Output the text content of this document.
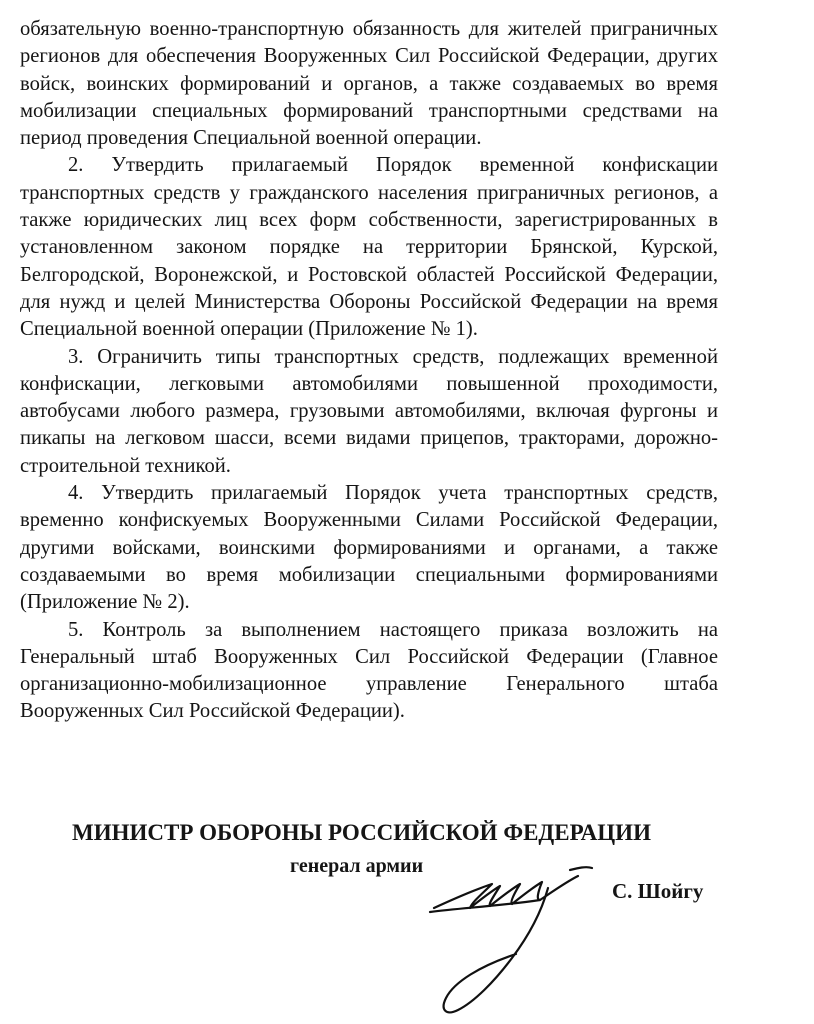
обязательную военно-транспортную обязанность для жителей приграничных регионов для обеспечения Вооруженных Сил Российской Федерации, других войск, воинских формирований и органов, а также создаваемых во время мобилизации специальных формирований транспортными средствами на период проведения Специальной военной операции.

2. Утвердить прилагаемый Порядок временной конфискации транспортных средств у гражданского населения приграничных регионов, а также юридических лиц всех форм собственности, зарегистрированных в установленном законом порядке на территории Брянской, Курской, Белгородской, Воронежской, и Ростовской областей Российской Федерации, для нужд и целей Министерства Обороны Российской Федерации на время Специальной военной операции (Приложение № 1).

3. Ограничить типы транспортных средств, подлежащих временной конфискации, легковыми автомобилями повышенной проходимости, автобусами любого размера, грузовыми автомобилями, включая фургоны и пикапы на легковом шасси, всеми видами прицепов, тракторами, дорожно-строительной техникой.

4. Утвердить прилагаемый Порядок учета транспортных средств, временно конфискуемых Вооруженными Силами Российской Федерации, другими войсками, воинскими формированиями и органами, а также создаваемыми во время мобилизации специальными формированиями (Приложение № 2).

5. Контроль за выполнением настоящего приказа возложить на Генеральный штаб Вооруженных Сил Российской Федерации (Главное организационно-мобилизационное управление Генерального штаба Вооруженных Сил Российской Федерации).

МИНИСТР ОБОРОНЫ РОССИЙСКОЙ ФЕДЕРАЦИИ
генерал армии
С. Шойгу
